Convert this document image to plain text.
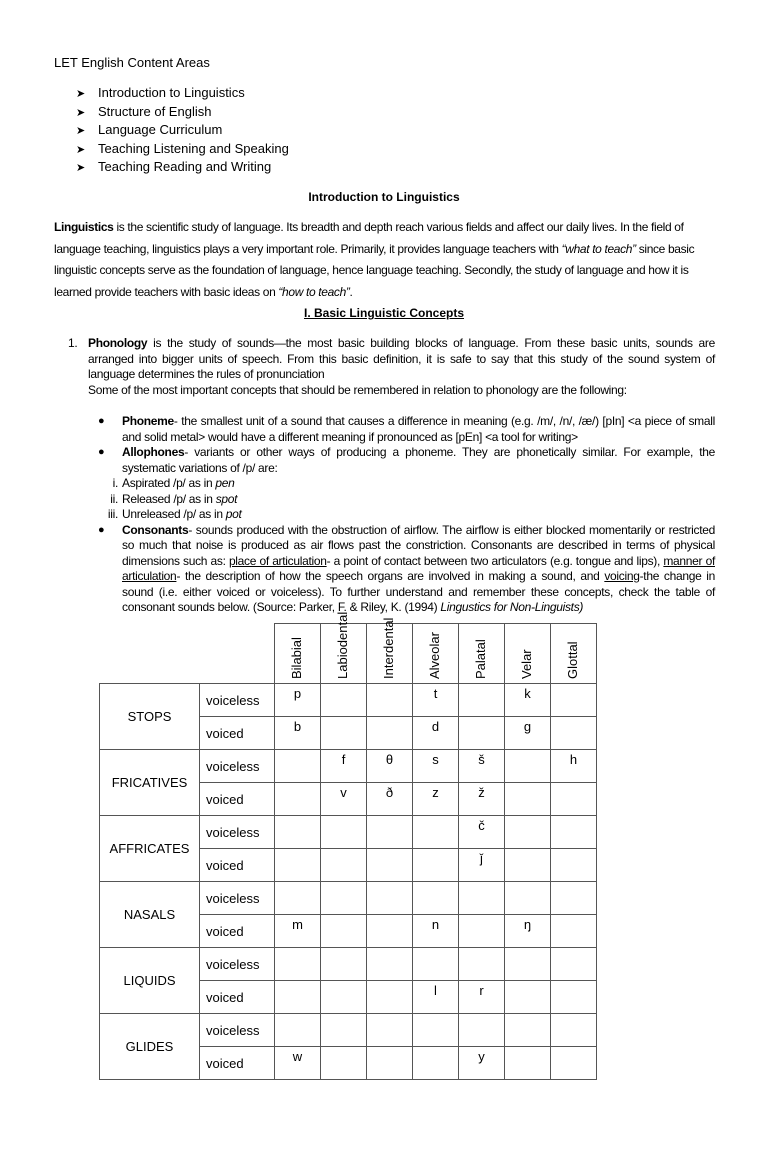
LET English Content Areas
➤ Introduction to Linguistics
➤ Structure of English
➤ Language Curriculum
➤ Teaching Listening and Speaking
➤ Teaching Reading and Writing
Introduction to Linguistics

Linguistics is the scientific study of language. Its breadth and depth reach various fields and affect our daily lives. In the field of language teaching, linguistics plays a very important role. Primarily, it provides language teachers with “what to teach” since basic linguistic concepts serve as the foundation of language, hence language teaching. Secondly, the study of language and how it is learned provide teachers with basic ideas on “how to teach”.

I. Basic Linguistic Concepts
1. Phonology is the study of sounds—the most basic building blocks of language. From these basic units, sounds are arranged into bigger units of speech. From this basic definition, it is safe to say that this study of the sound system of language determines the rules of pronunciation
Some of the most important concepts that should be remembered in relation to phonology are the following:
● Phoneme- the smallest unit of a sound that causes a difference in meaning (e.g. /m/, /n/, /æ/) [pIn] <a piece of small and solid metal> would have a different meaning if pronounced as [pEn] <a tool for writing>
● Allophones- variants or other ways of producing a phoneme. They are phonetically similar. For example, the systematic variations of /p/ are:
i. Aspirated /p/ as in pen
ii. Released /p/ as in spot
iii. Unreleased /p/ as in pot
● Consonants- sounds produced with the obstruction of airflow. The airflow is either blocked momentarily or restricted so much that noise is produced as air flows past the constriction. Consonants are described in terms of physical dimensions such as: place of articulation- a point of contact between two articulators (e.g. tongue and lips), manner of articulation- the description of how the speech organs are involved in making a sound, and voicing-the change in sound (i.e. either voiced or voiceless). To further understand and remember these concepts, check the table of consonant sounds below. (Source: Parker, F. & Riley, K. (1994) Lingustics for Non-Linguists)

		Bilabial	Labiodental	Interdental	Alveolar	Palatal	Velar	Glottal

STOPS	voiceless	p			t		k	
	voiced	b			d		g	
FRICATIVES	voiceless		f	θ	s	š		h
	voiced		v	ð	z	ž		
AFFRICATES	voiceless					č		
	voiced					ǰ		
NASALS	voiceless							
	voiced	m			n		ŋ	
LIQUIDS	voiceless							
	voiced				l	r		
GLIDES	voiceless							
	voiced	w				y		
